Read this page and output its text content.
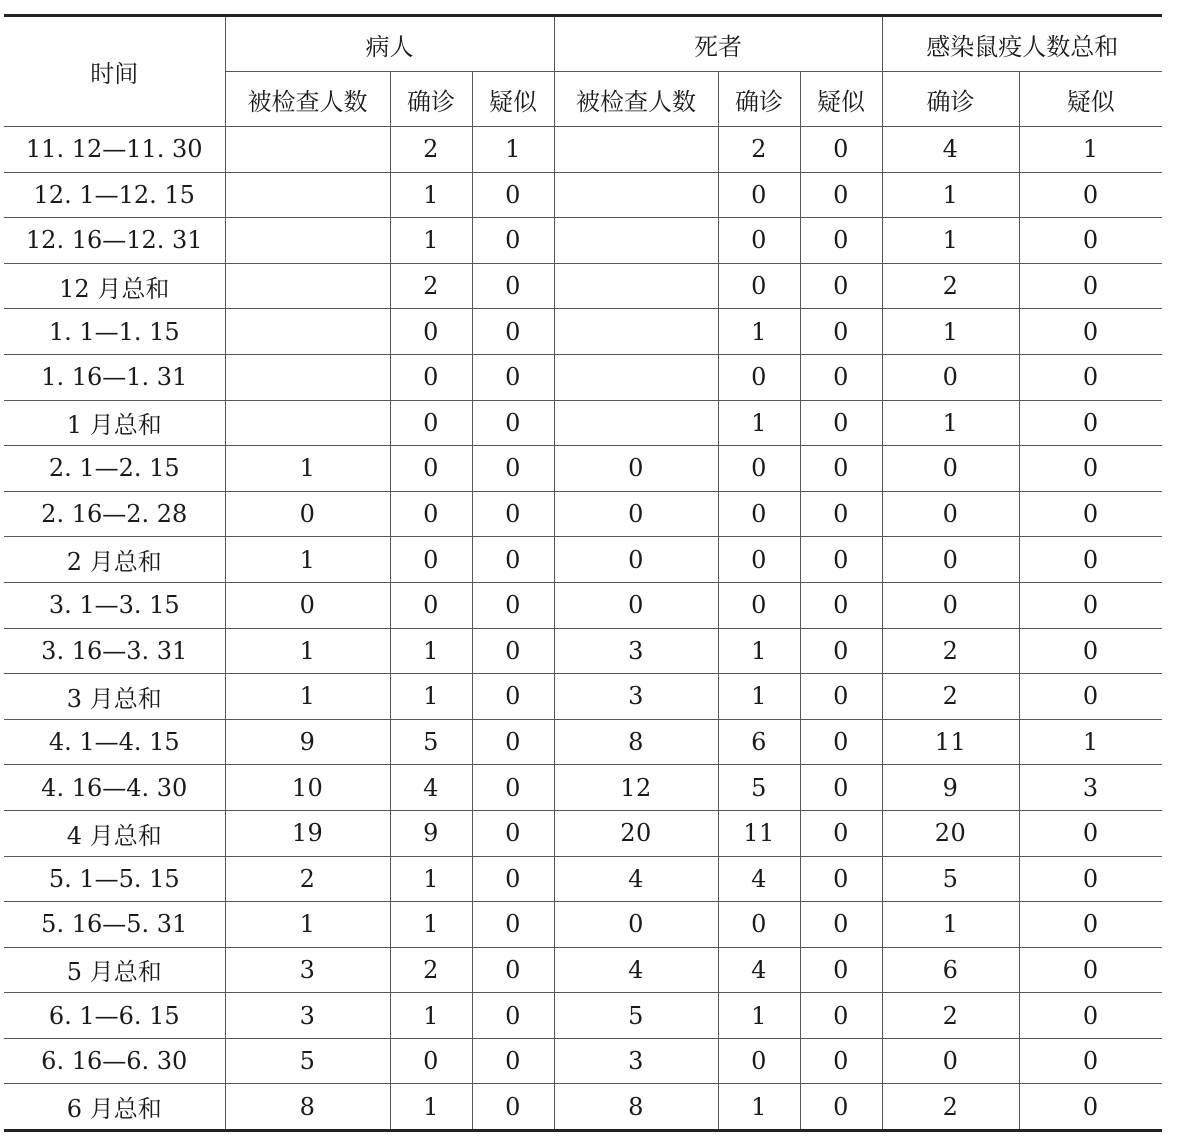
时间	病人			死者			感染鼠疫人数总和	
	被检查人数	确诊	疑似	被检查人数	确诊	疑似	确诊	疑似
11. 12—11. 30		2	1		2	0	4	1
12. 1—12. 15		1	0		0	0	1	0
12. 16—12. 31		1	0		0	0	1	0
12 月总和		2	0		0	0	2	0
1. 1—1. 15		0	0		1	0	1	0
1. 16—1. 31		0	0		0	0	0	0
1 月总和		0	0		1	0	1	0
2. 1—2. 15	1	0	0	0	0	0	0	0
2. 16—2. 28	0	0	0	0	0	0	0	0
2 月总和	1	0	0	0	0	0	0	0
3. 1—3. 15	0	0	0	0	0	0	0	0
3. 16—3. 31	1	1	0	3	1	0	2	0
3 月总和	1	1	0	3	1	0	2	0
4. 1—4. 15	9	5	0	8	6	0	11	1
4. 16—4. 30	10	4	0	12	5	0	9	3
4 月总和	19	9	0	20	11	0	20	0
5. 1—5. 15	2	1	0	4	4	0	5	0
5. 16—5. 31	1	1	0	0	0	0	1	0
5 月总和	3	2	0	4	4	0	6	0
6. 1—6. 15	3	1	0	5	1	0	2	0
6. 16—6. 30	5	0	0	3	0	0	0	0
6 月总和	8	1	0	8	1	0	2	0
